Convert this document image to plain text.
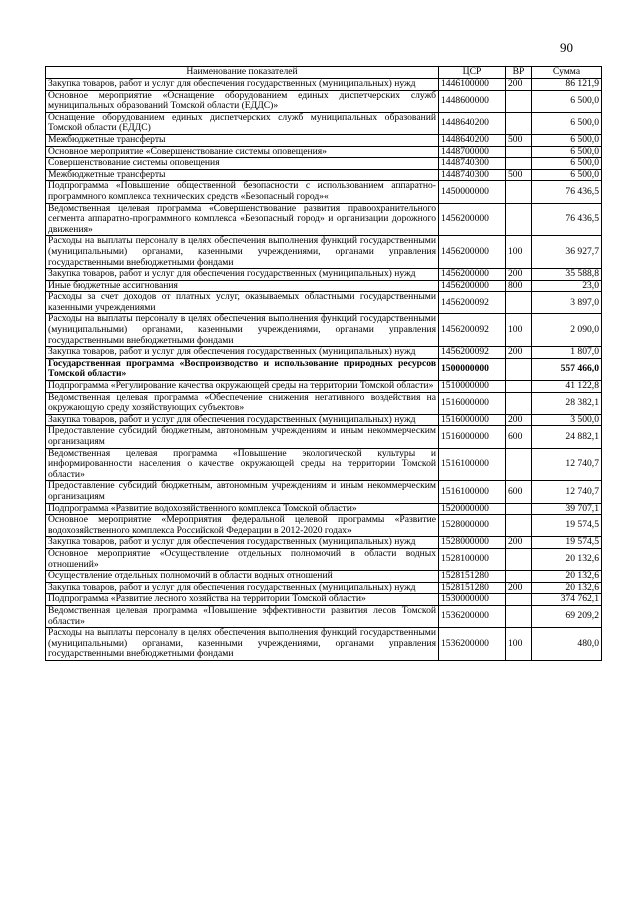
90
Наименование показателей	ЦСР	ВР	Сумма
Закупка товаров, работ и услуг для обеспечения государственных (муниципальных) нужд	1446100000	200	86 121,9
Основное мероприятие «Оснащение оборудованием единых диспетчерских служб муниципальных образований Томской области (ЕДДС)»	1448600000		6 500,0
Оснащение оборудованием единых диспетчерских служб муниципальных образований Томской области (ЕДДС)	1448640200		6 500,0
Межбюджетные трансферты	1448640200	500	6 500,0
Основное мероприятие «Совершенствование системы оповещения»	1448700000		6 500,0
Совершенствование системы оповещения	1448740300		6 500,0
Межбюджетные трансферты	1448740300	500	6 500,0
Подпрограмма «Повышение общественной безопасности с использованием аппаратно-программного комплекса технических средств «Безопасный город»«	1450000000		76 436,5
Ведомственная целевая программа «Совершенствование развития правоохранительного сегмента аппаратно-программного комплекса «Безопасный город» и организации дорожного движения»	1456200000		76 436,5
Расходы на выплаты персоналу в целях обеспечения выполнения функций государственными (муниципальными) органами, казенными учреждениями, органами управления государственными внебюджетными фондами	1456200000	100	36 927,7
Закупка товаров, работ и услуг для обеспечения государственных (муниципальных) нужд	1456200000	200	35 588,8
Иные бюджетные ассигнования	1456200000	800	23,0
Расходы за счет доходов от платных услуг, оказываемых областными государственными казенными учреждениями	1456200092		3 897,0
Расходы на выплаты персоналу в целях обеспечения выполнения функций государственными (муниципальными) органами, казенными учреждениями, органами управления государственными внебюджетными фондами	1456200092	100	2 090,0
Закупка товаров, работ и услуг для обеспечения государственных (муниципальных) нужд	1456200092	200	1 807,0
Государственная программа «Воспроизводство и использование природных ресурсов Томской области»	1500000000		557 466,0
Подпрограмма «Регулирование качества окружающей среды на территории Томской области»	1510000000		41 122,8
Ведомственная целевая программа «Обеспечение снижения негативного воздействия на окружающую среду хозяйствующих субъектов»	1516000000		28 382,1
Закупка товаров, работ и услуг для обеспечения государственных (муниципальных) нужд	1516000000	200	3 500,0
Предоставление субсидий бюджетным, автономным учреждениям и иным некоммерческим организациям	1516000000	600	24 882,1
Ведомственная целевая программа «Повышение экологической культуры и информированности населения о качестве окружающей среды на территории Томской области»	1516100000		12 740,7
Предоставление субсидий бюджетным, автономным учреждениям и иным некоммерческим организациям	1516100000	600	12 740,7
Подпрограмма «Развитие водохозяйственного комплекса Томской области»	1520000000		39 707,1
Основное мероприятие «Мероприятия федеральной целевой программы «Развитие водохозяйственного комплекса Российской Федерации в 2012-2020 годах»	1528000000		19 574,5
Закупка товаров, работ и услуг для обеспечения государственных (муниципальных) нужд	1528000000	200	19 574,5
Основное мероприятие «Осуществление отдельных полномочий в области водных отношений»	1528100000		20 132,6
Осуществление отдельных полномочий в области водных отношений	1528151280		20 132,6
Закупка товаров, работ и услуг для обеспечения государственных (муниципальных) нужд	1528151280	200	20 132,6
Подпрограмма «Развитие лесного хозяйства на территории Томской области»	1530000000		374 762,1
Ведомственная целевая программа «Повышение эффективности развития лесов Томской области»	1536200000		69 209,2
Расходы на выплаты персоналу в целях обеспечения выполнения функций государственными (муниципальными) органами, казенными учреждениями, органами управления государственными внебюджетными фондами	1536200000	100	480,0
